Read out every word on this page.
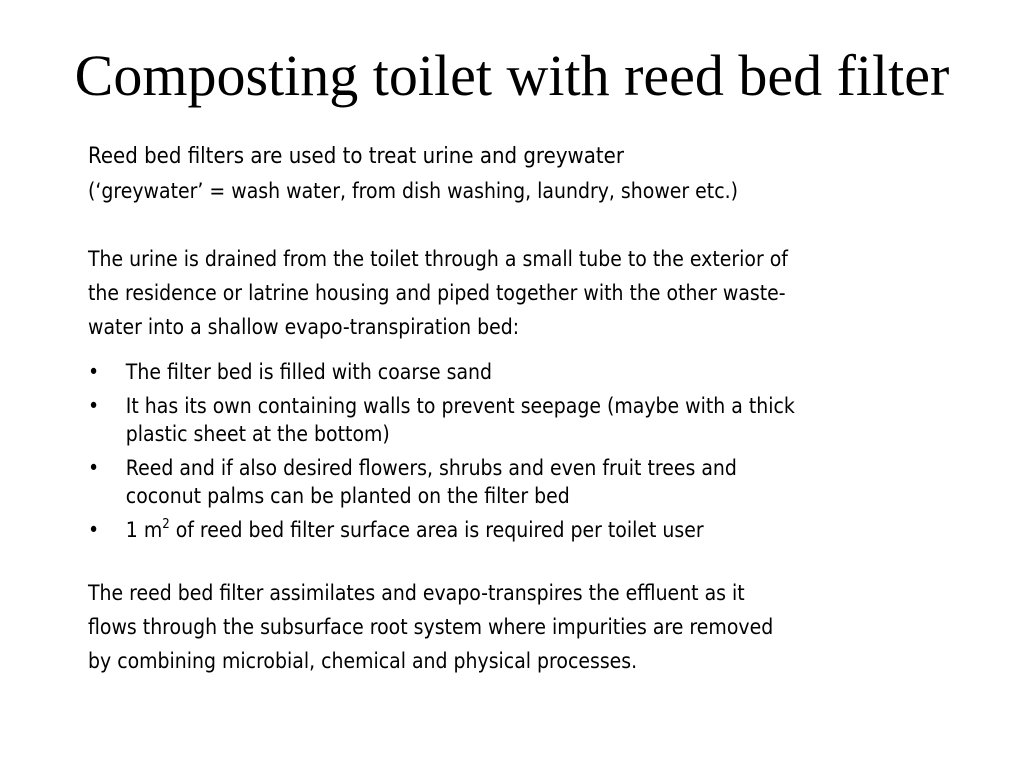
Composting toilet with reed bed filter
Reed bed filters are used to treat urine and greywater
(‘greywater’ = wash water, from dish washing, laundry, shower etc.)
The urine is drained from the toilet through a small tube to the exterior of
the residence or latrine housing and piped together with the other waste-
water into a shallow evapo-transpiration bed:
• The filter bed is filled with coarse sand
• It has its own containing walls to prevent seepage (maybe with a thick
plastic sheet at the bottom)
• Reed and if also desired flowers, shrubs and even fruit trees and
coconut palms can be planted on the filter bed
• 1 $m^2$ of reed bed filter surface area is required per toilet user
The reed bed filter assimilates and evapo-transpires the effluent as it
flows through the subsurface root system where impurities are removed
by combining microbial, chemical and physical processes.
